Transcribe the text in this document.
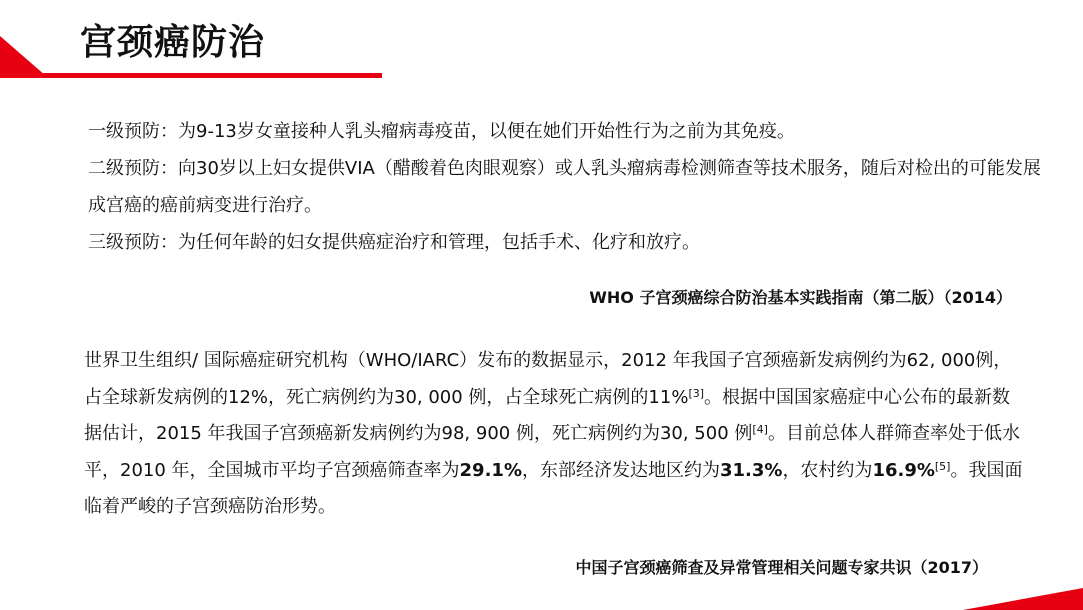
宫颈癌防治

一级预防：为9-13岁女童接种人乳头瘤病毒疫苗，以便在她们开始性行为之前为其免疫。

二级预防：向30岁以上妇女提供VIA（醋酸着色肉眼观察）或人乳头瘤病毒检测筛查等技术服务，随后对检出的可能发展成宫癌的癌前病变进行治疗。

三级预防：为任何年龄的妇女提供癌症治疗和管理，包括手术、化疗和放疗。

WHO 子宫颈癌综合防治基本实践指南（第二版）（2014）

世界卫生组织/ 国际癌症研究机构（WHO/IARC）发布的数据显示，2012 年我国子宫颈癌新发病例约为62, 000例，占全球新发病例的12%，死亡病例约为30, 000 例，占全球死亡病例的11%[3]。根据中国国家癌症中心公布的最新数据估计，2015 年我国子宫颈癌新发病例约为98, 900 例，死亡病例约为30, 500 例[4]。目前总体人群筛查率处于低水平，2010 年，全国城市平均子宫颈癌筛查率为29.1%，东部经济发达地区约为31.3%，农村约为16.9%[5]。我国面临着严峻的子宫颈癌防治形势。

中国子宫颈癌筛查及异常管理相关问题专家共识（2017）
